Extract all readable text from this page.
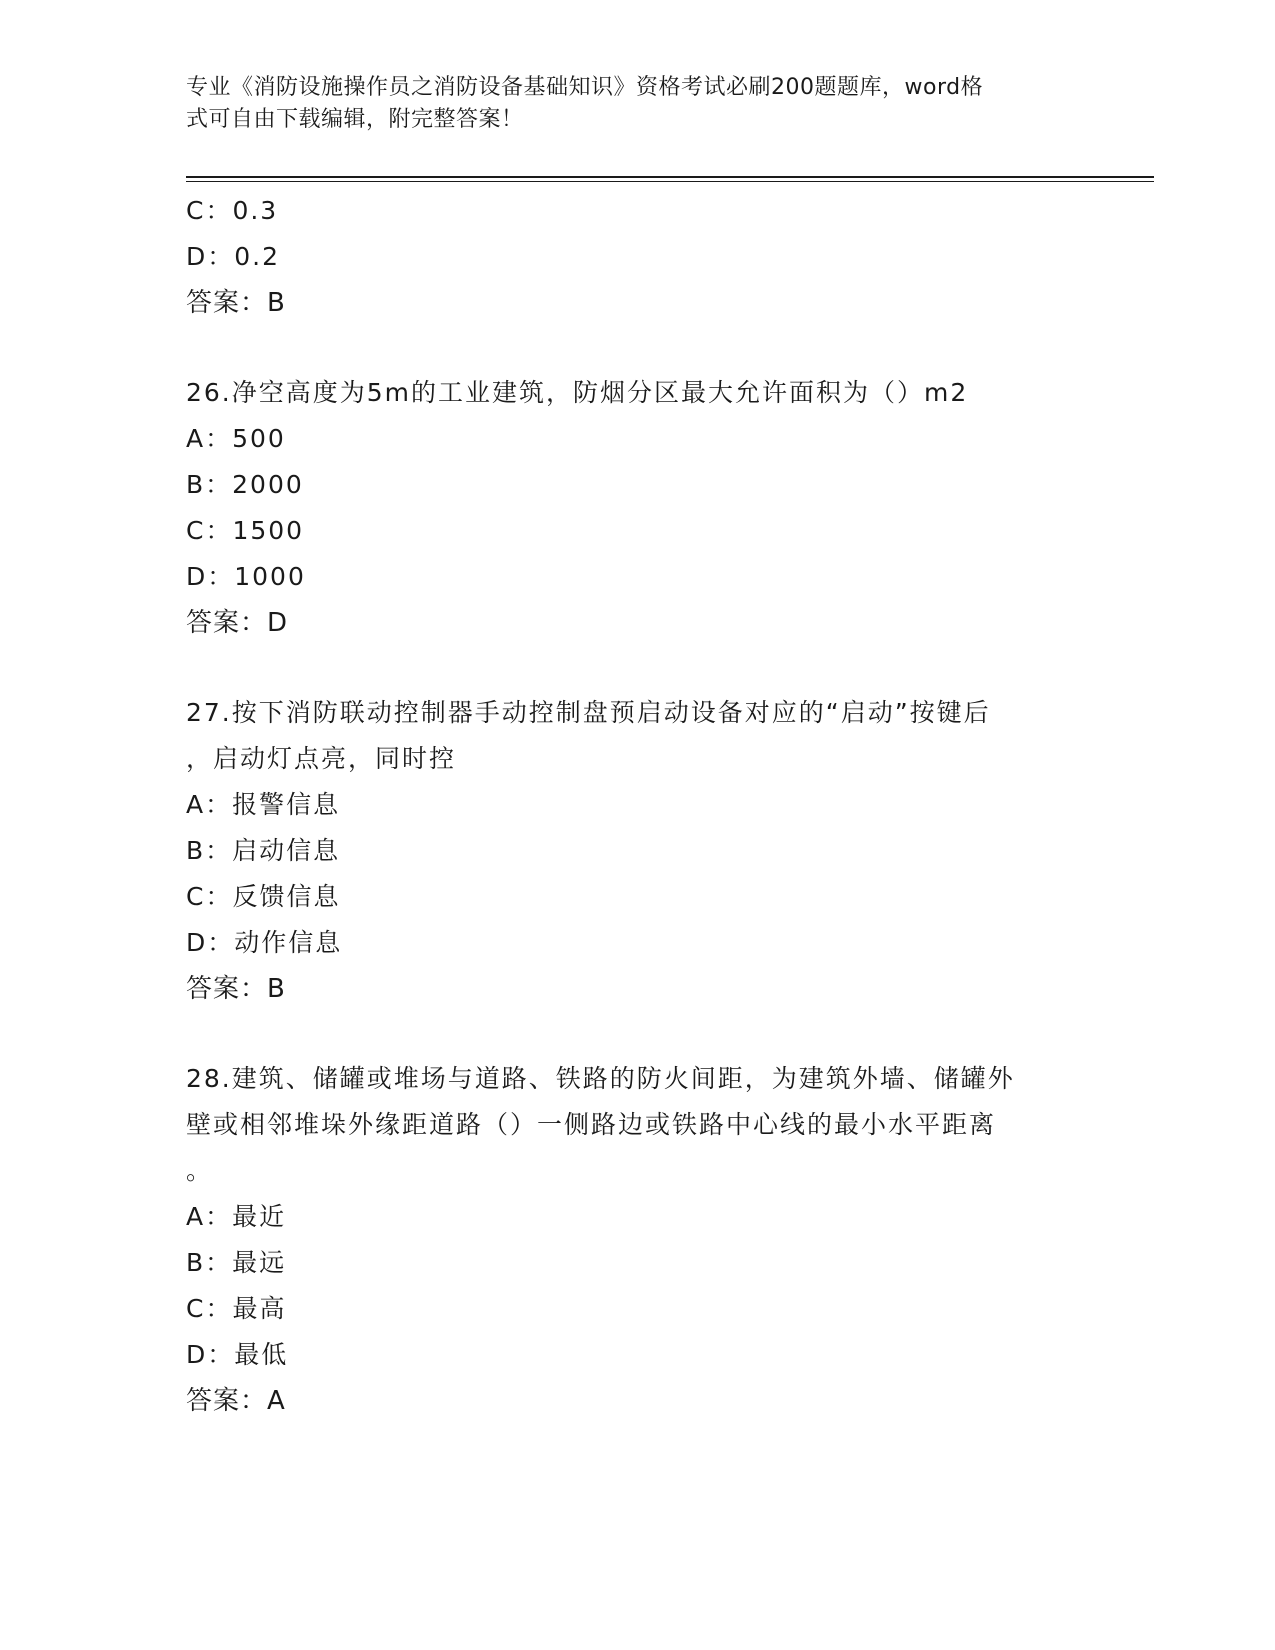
专业《消防设施操作员之消防设备基础知识》资格考试必刷200题题库，word格
式可自由下载编辑，附完整答案！
C：0.3
D：0.2
答案：B
26.净空高度为5m的工业建筑，防烟分区最大允许面积为（）m2
A：500
B：2000
C：1500
D：1000
答案：D
27.按下消防联动控制器手动控制盘预启动设备对应的“启动”按键后
，启动灯点亮，同时控
A：报警信息
B：启动信息
C：反馈信息
D：动作信息
答案：B
28.建筑、储罐或堆场与道路、铁路的防火间距，为建筑外墙、储罐外
壁或相邻堆垛外缘距道路（）一侧路边或铁路中心线的最小水平距离
。
A：最近
B：最远
C：最高
D：最低
答案：A
